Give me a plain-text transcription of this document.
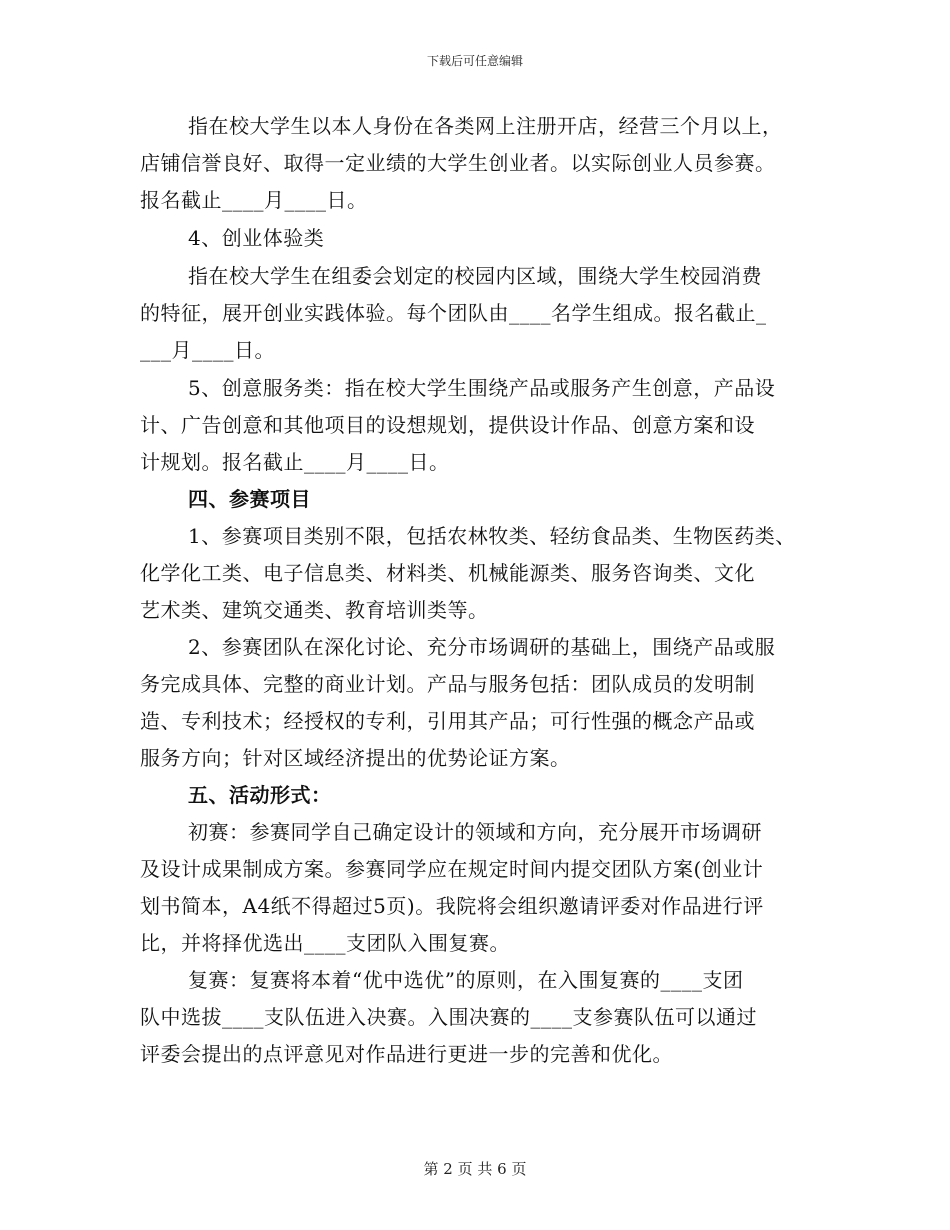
下载后可任意编辑
指在校大学生以本人身份在各类网上注册开店，经营三个月以上，
店铺信誉良好、取得一定业绩的大学生创业者。以实际创业人员参赛。
报名截止____月____日。
4、创业体验类
指在校大学生在组委会划定的校园内区域，围绕大学生校园消费
的特征，展开创业实践体验。每个团队由____名学生组成。报名截止_
___月____日。
5、创意服务类：指在校大学生围绕产品或服务产生创意，产品设
计、广告创意和其他项目的设想规划，提供设计作品、创意方案和设
计规划。报名截止____月____日。
四、参赛项目
1、参赛项目类别不限，包括农林牧类、轻纺食品类、生物医药类、
化学化工类、电子信息类、材料类、机械能源类、服务咨询类、文化
艺术类、建筑交通类、教育培训类等。
2、参赛团队在深化讨论、充分市场调研的基础上，围绕产品或服
务完成具体、完整的商业计划。产品与服务包括：团队成员的发明制
造、专利技术；经授权的专利，引用其产品；可行性强的概念产品或
服务方向；针对区域经济提出的优势论证方案。
五、活动形式：
初赛：参赛同学自己确定设计的领域和方向，充分展开市场调研
及设计成果制成方案。参赛同学应在规定时间内提交团队方案(创业计
划书简本，A4纸不得超过5页)。我院将会组织邀请评委对作品进行评
比，并将择优选出____支团队入围复赛。
复赛：复赛将本着“优中选优”的原则，在入围复赛的____支团
队中选拔____支队伍进入决赛。入围决赛的____支参赛队伍可以通过
评委会提出的点评意见对作品进行更进一步的完善和优化。
第 2 页 共 6 页
